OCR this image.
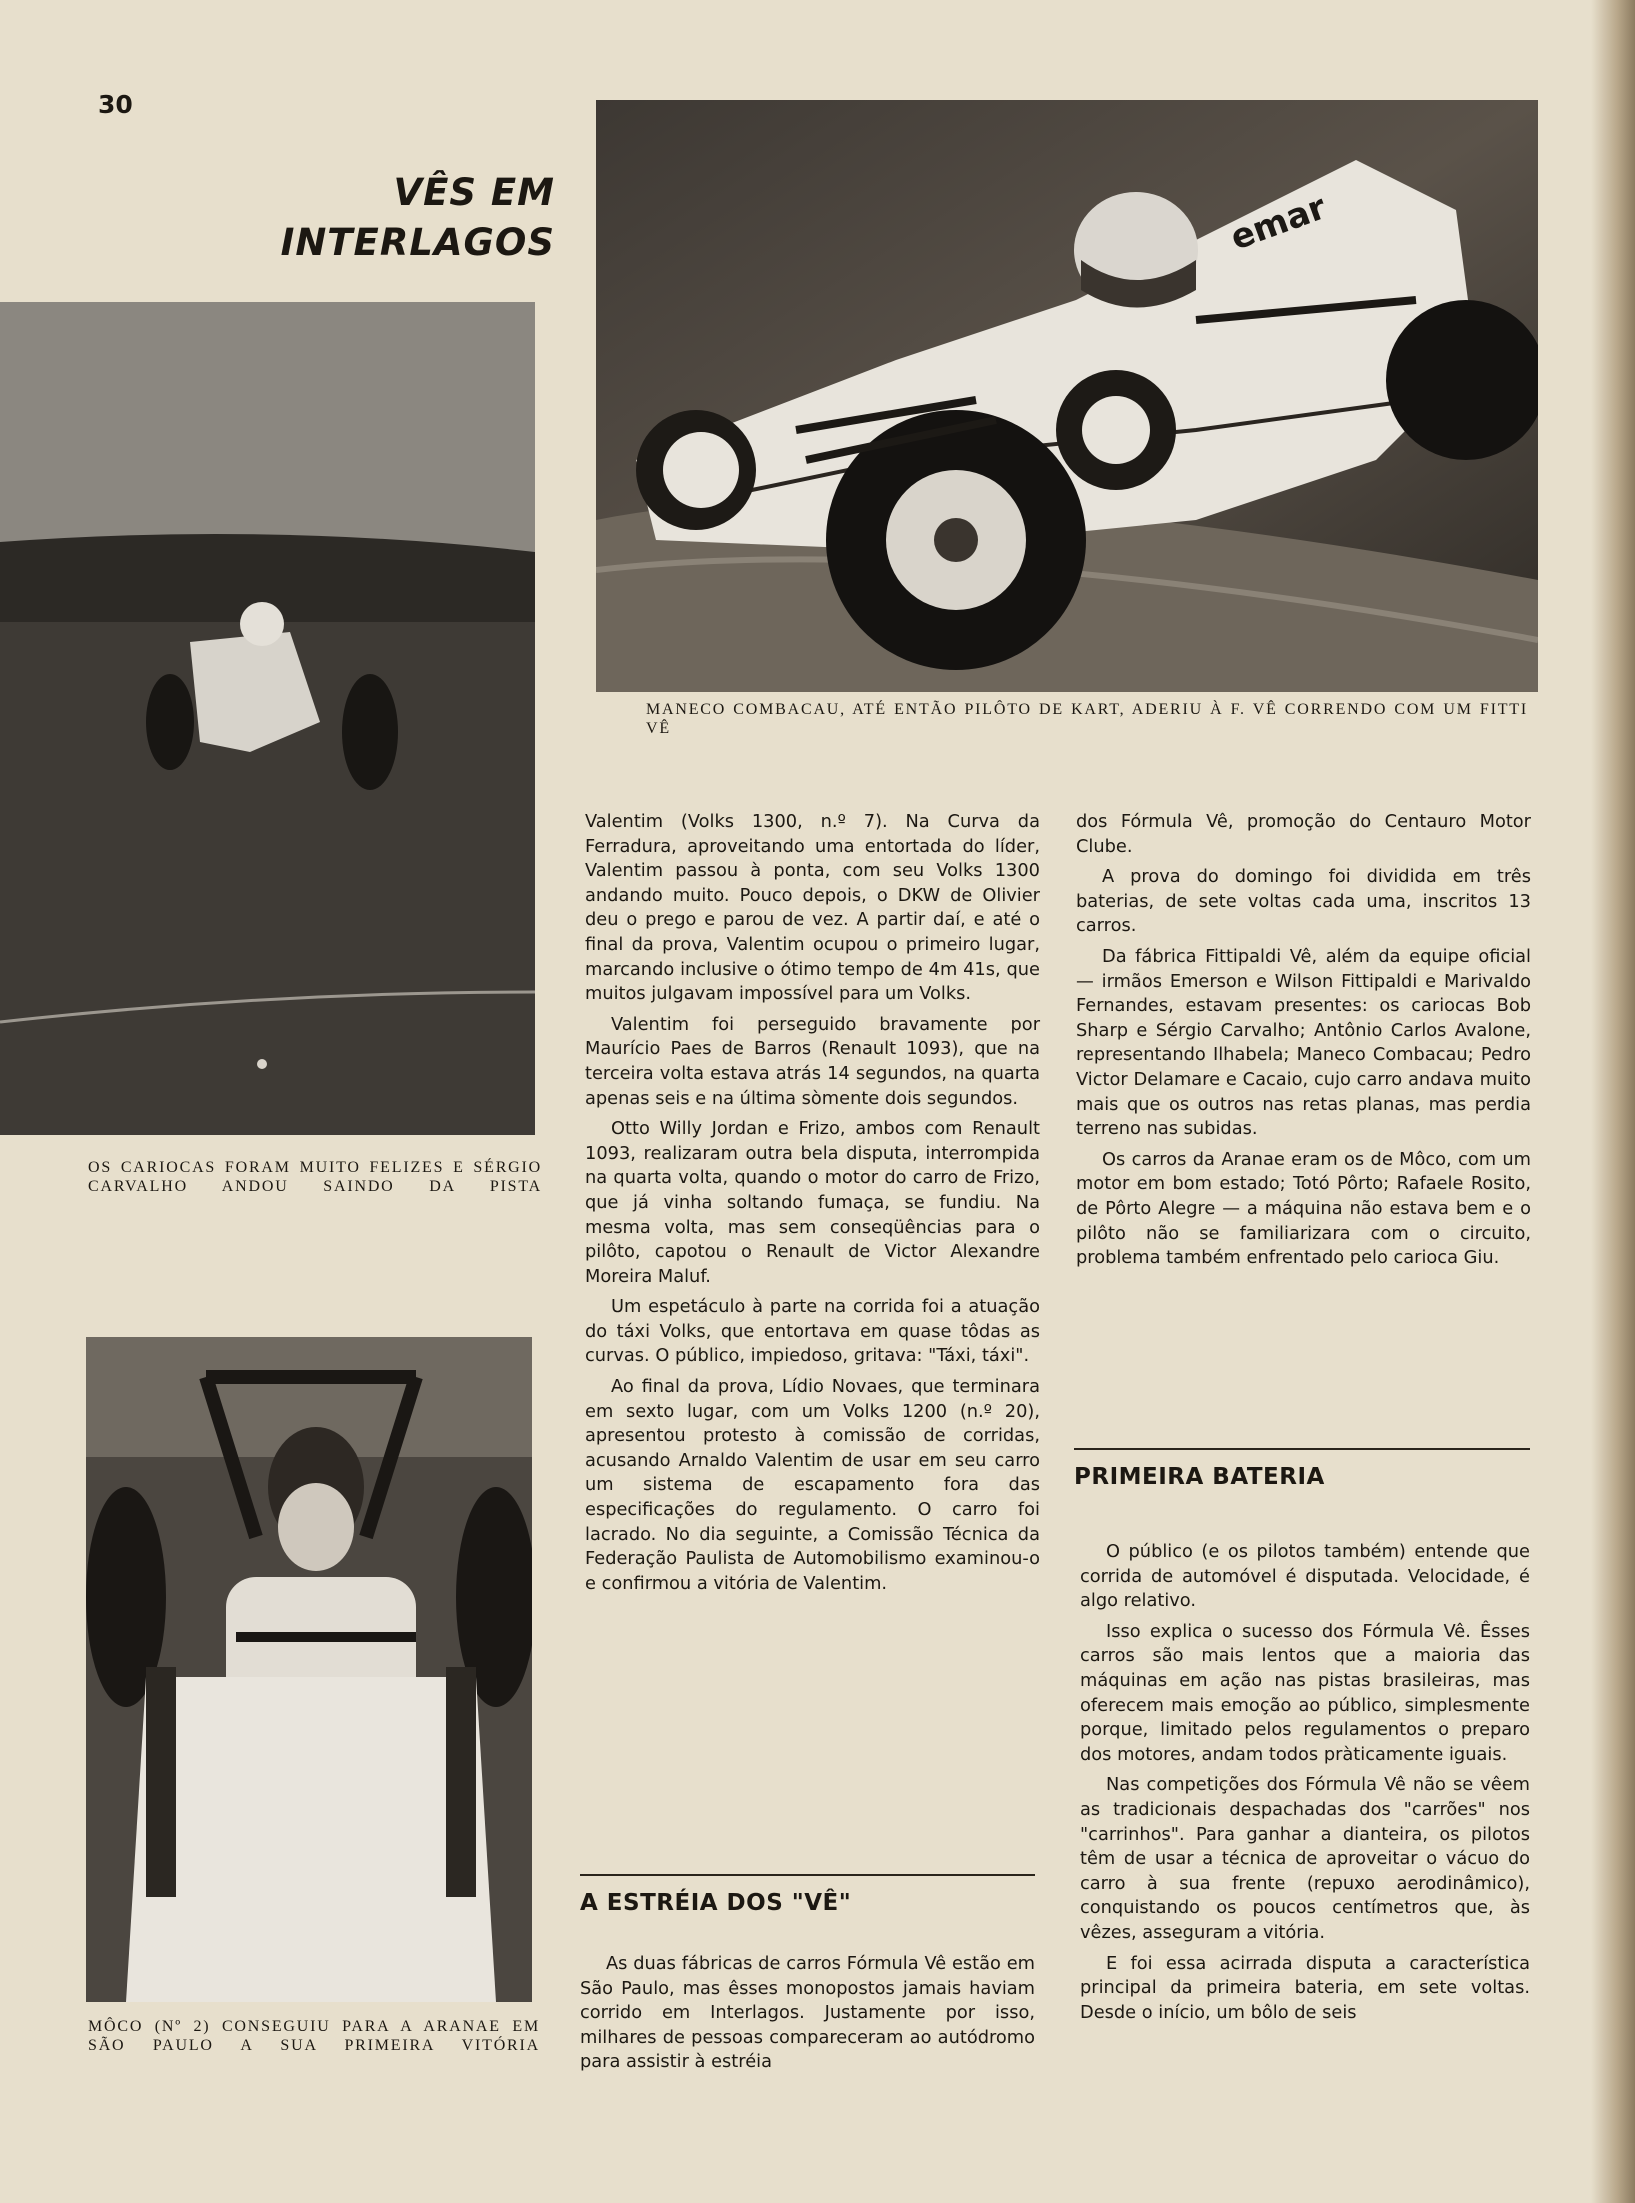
30
VÊS EM
INTERLAGOS	emar
MANECO COMBACAU, ATÉ ENTÃO PILÔTO DE KART, ADERIU À F. VÊ CORRENDO COM UM FITTI VÊ
OS CARIOCAS FORAM MUITO FELIZES E SÉRGIO CARVALHO ANDOU SAINDO DA PISTA
MÔCO (Nº 2) CONSEGUIU PARA A ARANAE EM SÃO PAULO A SUA PRIMEIRA VITÓRIA

Valentim (Volks 1300, n.º 7). Na Curva da Ferradura, aproveitando uma entortada do líder, Valentim passou à ponta, com seu Volks 1300 andando muito. Pouco depois, o DKW de Olivier deu o prego e parou de vez. A partir daí, e até o final da prova, Valentim ocupou o primeiro lugar, marcando inclusive o ótimo tempo de 4m 41s, que muitos julgavam impossível para um Volks.

Valentim foi perseguido bravamente por Maurício Paes de Barros (Renault 1093), que na terceira volta estava atrás 14 segundos, na quarta apenas seis e na última sòmente dois segundos.

Otto Willy Jordan e Frizo, ambos com Renault 1093, realizaram outra bela disputa, interrompida na quarta volta, quando o motor do carro de Frizo, que já vinha soltando fumaça, se fundiu. Na mesma volta, mas sem conseqüências para o pilôto, capotou o Renault de Victor Alexandre Moreira Maluf.

Um espetáculo à parte na corrida foi a atuação do táxi Volks, que entortava em quase tôdas as curvas. O público, impiedoso, gritava: "Táxi, táxi".

Ao final da prova, Lídio Novaes, que terminara em sexto lugar, com um Volks 1200 (n.º 20), apresentou protesto à comissão de corridas, acusando Arnaldo Valentim de usar em seu carro um sistema de escapamento fora das especificações do regulamento. O carro foi lacrado. No dia seguinte, a Comissão Técnica da Federação Paulista de Automobilismo examinou-o e confirmou a vitória de Valentim.

A ESTRÉIA DOS "VÊ"

As duas fábricas de carros Fórmula Vê estão em São Paulo, mas êsses monopostos jamais haviam corrido em Interlagos. Justamente por isso, milhares de pessoas compareceram ao autódromo para assistir à estréia

dos Fórmula Vê, promoção do Centauro Motor Clube.

A prova do domingo foi dividida em três baterias, de sete voltas cada uma, inscritos 13 carros.

Da fábrica Fittipaldi Vê, além da equipe oficial — irmãos Emerson e Wilson Fittipaldi e Marivaldo Fernandes, estavam presentes: os cariocas Bob Sharp e Sérgio Carvalho; Antônio Carlos Avalone, representando Ilhabela; Maneco Combacau; Pedro Victor Delamare e Cacaio, cujo carro andava muito mais que os outros nas retas planas, mas perdia terreno nas subidas.

Os carros da Aranae eram os de Môco, com um motor em bom estado; Totó Pôrto; Rafaele Rosito, de Pôrto Alegre — a máquina não estava bem e o pilôto não se familiarizara com o circuito, problema também enfrentado pelo carioca Giu.

PRIMEIRA BATERIA

O público (e os pilotos também) entende que corrida de automóvel é disputada. Velocidade, é algo relativo.

Isso explica o sucesso dos Fórmula Vê. Êsses carros são mais lentos que a maioria das máquinas em ação nas pistas brasileiras, mas oferecem mais emoção ao público, simplesmente porque, limitado pelos regulamentos o preparo dos motores, andam todos pràticamente iguais.

Nas competições dos Fórmula Vê não se vêem as tradicionais despachadas dos "carrões" nos "carrinhos". Para ganhar a dianteira, os pilotos têm de usar a técnica de aproveitar o vácuo do carro à sua frente (repuxo aerodinâmico), conquistando os poucos centímetros que, às vêzes, asseguram a vitória.

E foi essa acirrada disputa a característica principal da primeira bateria, em sete voltas. Desde o início, um bôlo de seis
